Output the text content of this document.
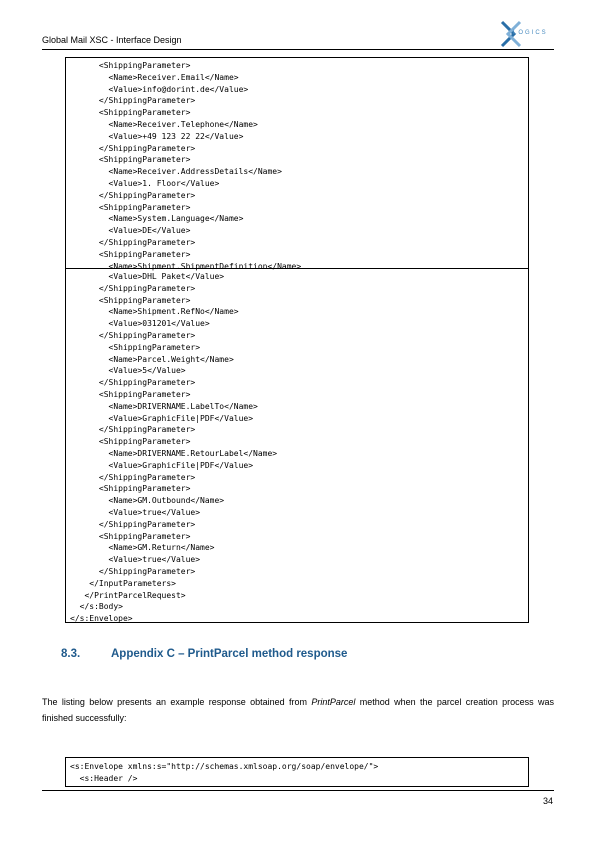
Global Mail XSC - Interface Design
LOGICS
<ShippingParameter>
<Name>Receiver.Email</Name>
<Value>info@dorint.de</Value>
</ShippingParameter>
<ShippingParameter>
<Name>Receiver.Telephone</Name>
<Value>+49 123 22 22</Value>
</ShippingParameter>
<ShippingParameter>
<Name>Receiver.AddressDetails</Name>
<Value>1. Floor</Value>
</ShippingParameter>
<ShippingParameter>
<Name>System.Language</Name>
<Value>DE</Value>
</ShippingParameter>
<ShippingParameter>
<Name>Shipment.ShipmentDefinition</Name>
<Value>DHL Paket</Value>
</ShippingParameter>
<ShippingParameter>
<Name>Shipment.RefNo</Name>
<Value>031201</Value>
</ShippingParameter>
<ShippingParameter>
<Name>Parcel.Weight</Name>
<Value>5</Value>
</ShippingParameter>
<ShippingParameter>
<Name>DRIVERNAME.LabelTo</Name>
<Value>GraphicFile|PDF</Value>
</ShippingParameter>
<ShippingParameter>
<Name>DRIVERNAME.RetourLabel</Name>
<Value>GraphicFile|PDF</Value>
</ShippingParameter>
<ShippingParameter>
<Name>GM.Outbound</Name>
<Value>true</Value>
</ShippingParameter>
<ShippingParameter>
<Name>GM.Return</Name>
<Value>true</Value>
</ShippingParameter>
</InputParameters>
</PrintParcelRequest>
</s:Body>
</s:Envelope>
8.3.	Appendix C – PrintParcel method response
The listing below presents an example response obtained from PrintParcel method when the parcel creation process was finished successfully:
<s:Envelope xmlns:s="http://schemas.xmlsoap.org/soap/envelope/">
<s:Header />
34
